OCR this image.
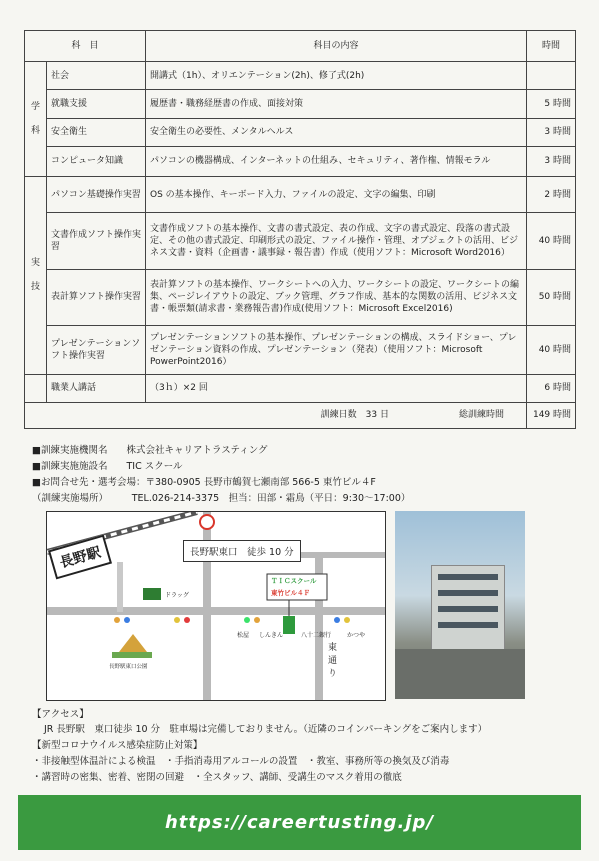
科　目		科目の内容	時間
学

科	社会	開講式（1h）、オリエンテーション(2h)、修了式(2h)	
	就職支援	履歴書・職務経歴書の作成、面接対策	5 時間
	安全衛生	安全衛生の必要性、メンタルヘルス	3 時間
	コンピュータ知識	パソコンの機器構成、インターネットの仕組み、セキュリティ、著作権、情報モラル	3 時間
実

技	パソコン基礎操作実習	OS の基本操作、キーボード入力、ファイルの設定、文字の編集、印刷	2 時間
	文書作成ソフト操作実習	文書作成ソフトの基本操作、文書の書式設定、表の作成、文字の書式設定、段落の書式設定、その他の書式設定、印刷形式の設定、ファイル操作・管理、オブジェクトの活用、ビジネス文書・資料（企画書・議事録・報告書）作成（使用ソフト：Microsoft Word2016）	40 時間
	表計算ソフト操作実習	表計算ソフトの基本操作、ワークシートへの入力、ワークシートの設定、ワークシートの編集、ページレイアウトの設定、ブック管理、グラフ作成、基本的な関数の活用、ビジネス文書・帳票類(請求書・業務報告書)作成(使用ソフト：Microsoft Excel2016)	50 時間
	プレゼンテーションソフト操作実習	プレゼンテーションソフトの基本操作、プレゼンテーションの構成、スライドショー、プレゼンテーション資料の作成、プレゼンテーション（発表）（使用ソフト：Microsoft PowerPoint2016）	40 時間
	職業人講話	（3ｈ）×2 回	6 時間

訓練日数　33 日 総訓練時間			149 時間
■訓練実施機関名　　株式会社キャリアトラスティング
■訓練実施施設名　　TIC スクール
■お問合せ先・選考会場：〒380-0905 長野市鶴賀七瀬南部 566-5 東竹ビル４F
（訓練実施場所）　　　TEL.026-214-3375　担当：田部・霜鳥（平日：9:30～17:00）
長野駅	長野駅東口　徒歩 10 分
ＴＩＣスクール
東竹ビル４Ｆ
東通り
長野駅東口公園
松屋 しんきん	八十二銀行	かつや
ドラッグ
【アクセス】
JR 長野駅　東口徒歩 10 分　駐車場は完備しておりません。（近隣のコインパーキングをご案内します）
【新型コロナウイルス感染症防止対策】
・非接触型体温計による検温　・手指消毒用アルコールの設置　・教室、事務所等の換気及び消毒
・講習時の密集、密着、密閉の回避　・全スタッフ、講師、受講生のマスク着用の徹底
https://careertusting.jp/
